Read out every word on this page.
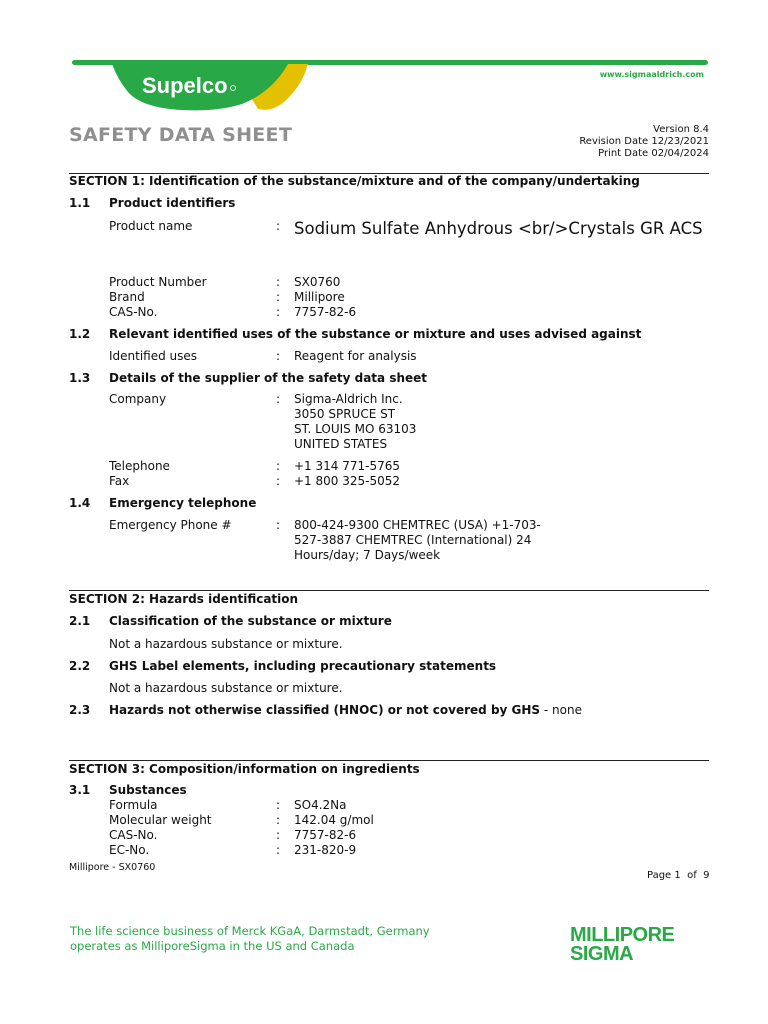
Supelco	www.sigmaaldrich.com
SAFETY DATA SHEET	Version 8.4
Revision Date 12/23/2021
Print Date 02/04/2024
SECTION 1: Identification of the substance/mixture and of the company/undertaking
1.1 Product identifiers
Product name	: Sodium Sulfate Anhydrous <br/>Crystals GR ACS
Product Number	: SX0760
Brand	: Millipore
CAS-No.	: 7757-82-6
1.2 Relevant identified uses of the substance or mixture and uses advised against
Identified uses	: Reagent for analysis
1.3 Details of the supplier of the safety data sheet
Company	: Sigma-Aldrich Inc.
3050 SPRUCE ST
ST. LOUIS MO 63103
UNITED STATES
Telephone	: +1 314 771-5765
Fax	: +1 800 325-5052
1.4 Emergency telephone
Emergency Phone #	: 800-424-9300 CHEMTREC (USA) +1-703-
527-3887 CHEMTREC (International) 24
Hours/day; 7 Days/week
SECTION 2: Hazards identification
2.1 Classification of the substance or mixture
Not a hazardous substance or mixture.
2.2 GHS Label elements, including precautionary statements
Not a hazardous substance or mixture.
2.3 Hazards not otherwise classified (HNOC) or not covered by GHS - none
SECTION 3: Composition/information on ingredients
3.1 Substances
Formula	: SO4.2Na
Molecular weight	: 142.04 g/mol
CAS-No.	: 7757-82-6
EC-No.	: 231-820-9
Millipore - SX0760
Page 1  of  9
The life science business of Merck KGaA, Darmstadt, Germany
operates as MilliporeSigma in the US and Canada	MILLIPORE
SIGMA
